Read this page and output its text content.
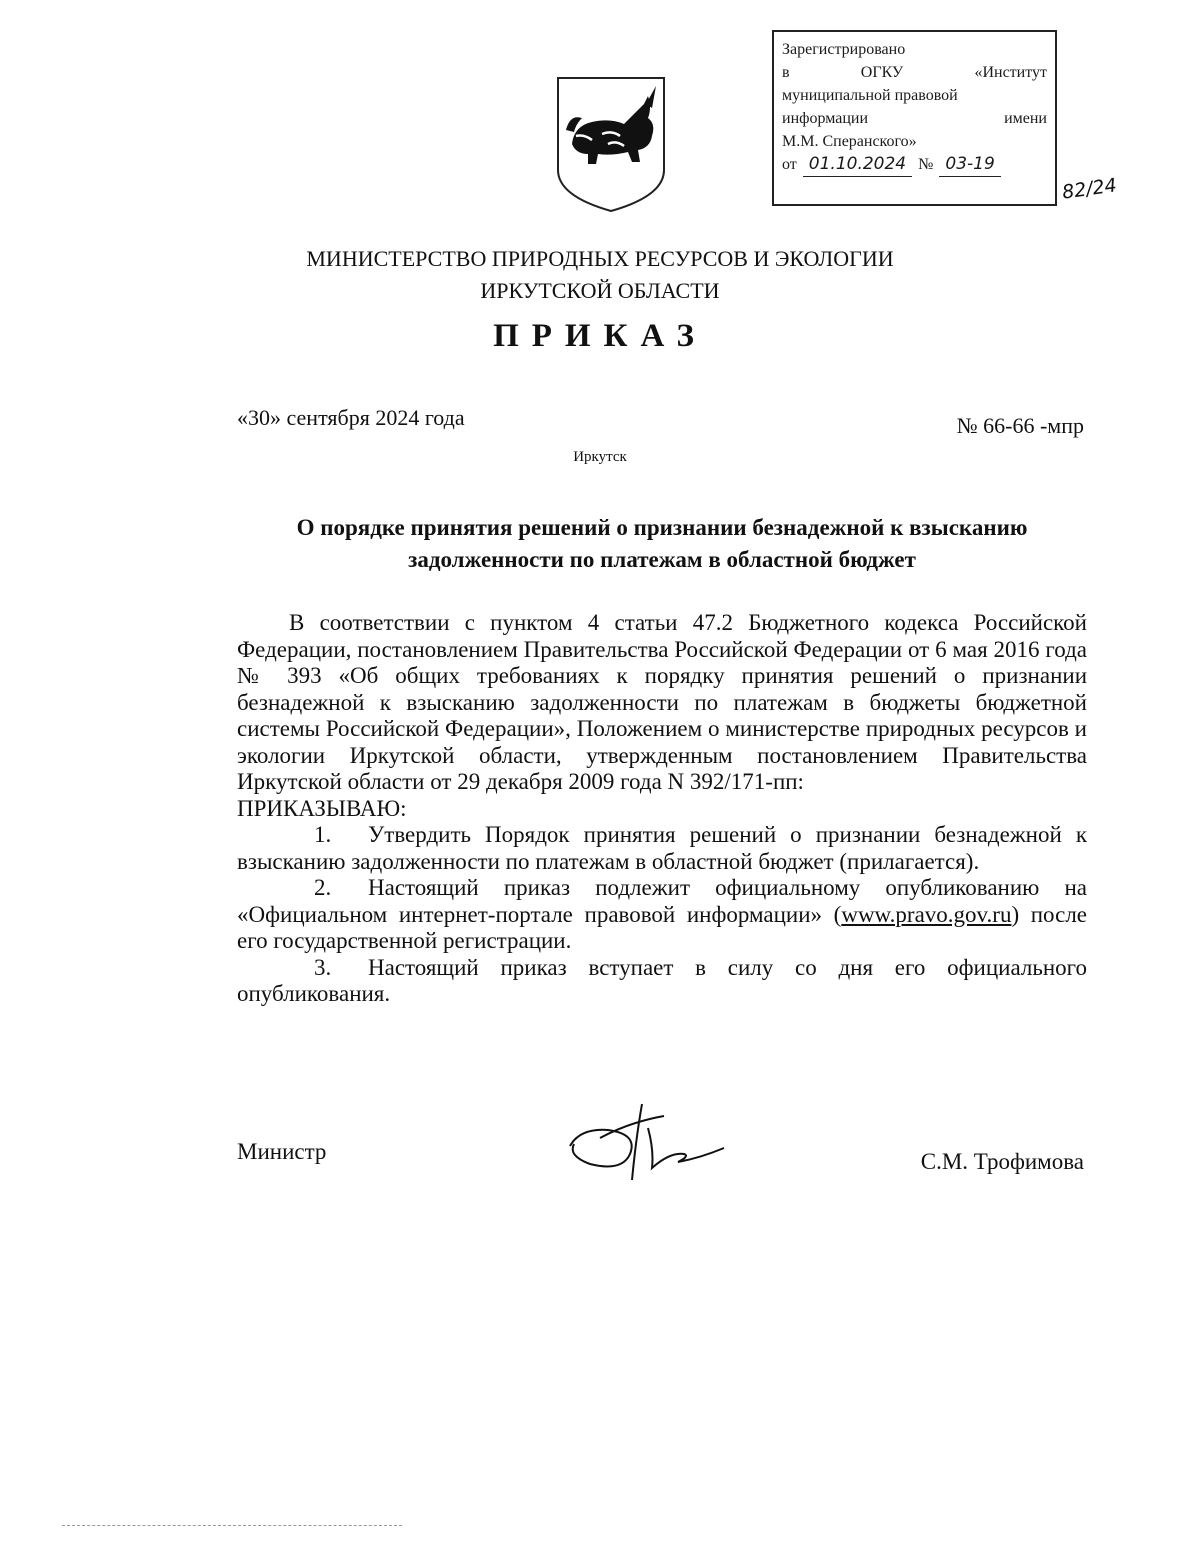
Зарегистрировано
в	ОГКУ	«Институт
муниципальной правовой
информации	имени
М.М. Сперанского»
от 01.10.2024 № 03-19
82/24
МИНИСТЕРСТВО ПРИРОДНЫХ РЕСУРСОВ И ЭКОЛОГИИ
ИРКУТСКОЙ ОБЛАСТИ
ПРИКАЗ
«30» сентября 2024 года	№ 66-66 -мпр
Иркутск
О порядке принятия решений о признании безнадежной к взысканию
задолженности по платежам в областной бюджет

В соответствии с пунктом 4 статьи 47.2 Бюджетного кодекса Российской Федерации, постановлением Правительства Российской Федерации от 6 мая 2016 года № 393 «Об общих требованиях к порядку принятия решений о признании безнадежной к взысканию задолженности по платежам в бюджеты бюджетной системы Российской Федерации», Положением о министерстве природных ресурсов и экологии Иркутской области, утвержденным постановлением Правительства Иркутской области от 29 декабря 2009 года N 392/171-пп:

ПРИКАЗЫВАЮ:

1. Утвердить Порядок принятия решений о признании безнадежной к взысканию задолженности по платежам в областной бюджет (прилагается).

2. Настоящий приказ подлежит официальному опубликованию на «Официальном интернет-портале правовой информации» (www.pravo.gov.ru) после его государственной регистрации.

3. Настоящий приказ вступает в силу со дня его официального опубликования.

Министр	С.М. Трофимова
